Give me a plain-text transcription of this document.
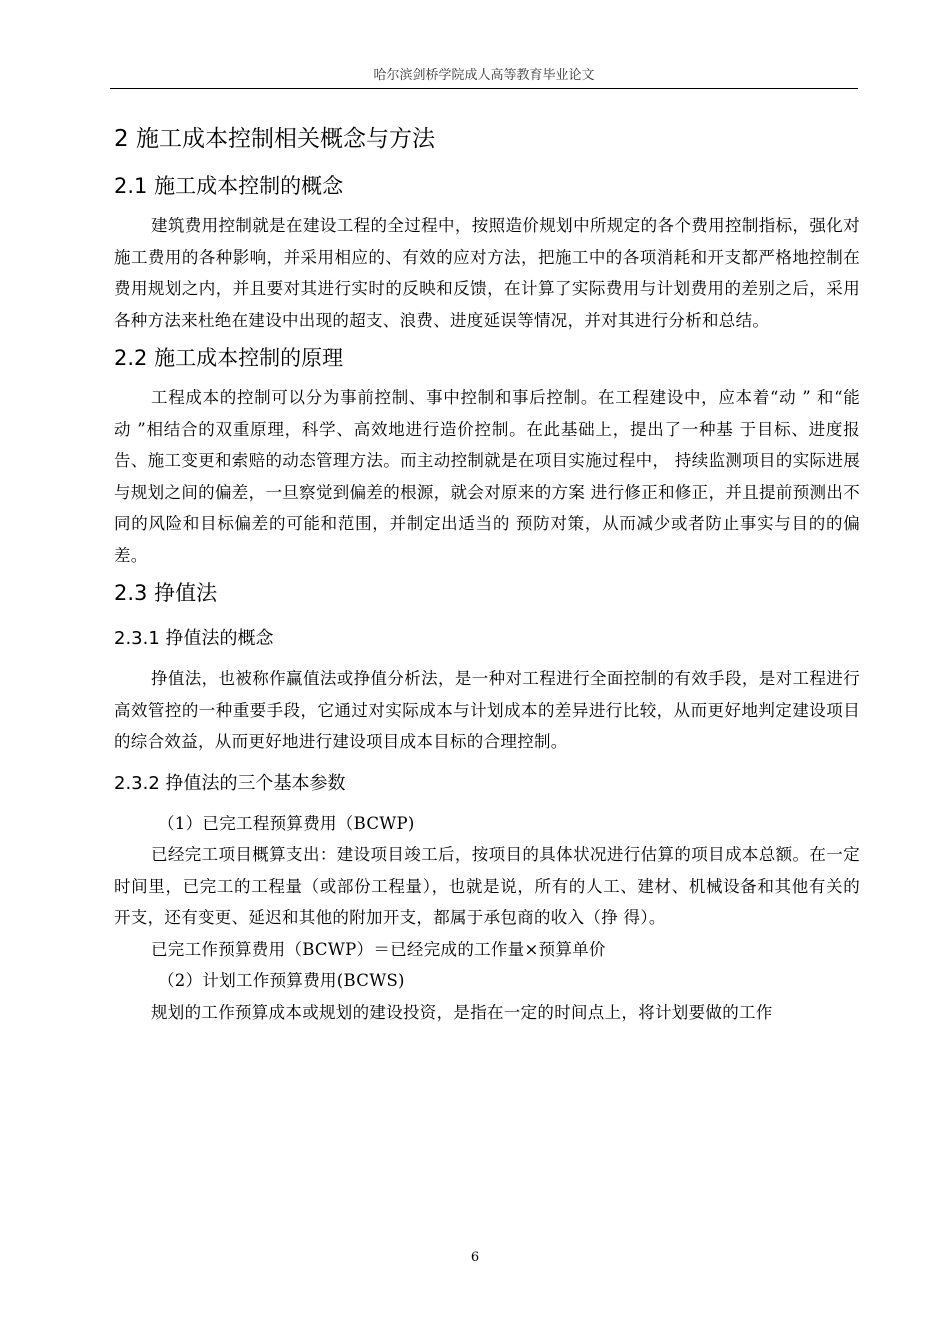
哈尔滨剑桥学院成人高等教育毕业论文
2 施工成本控制相关概念与方法
2.1 施工成本控制的概念

建筑费用控制就是在建设工程的全过程中，按照造价规划中所规定的各个费用控制指标，强化对施工费用的各种影响，并采用相应的、有效的应对方法，把施工中的各项消耗和开支都严格地控制在费用规划之内，并且要对其进行实时的反映和反馈，在计算了实际费用与计划费用的差别之后，采用各种方法来杜绝在建设中出现的超支、浪费、进度延误等情况，并对其进行分析和总结。

2.2 施工成本控制的原理

工程成本的控制可以分为事前控制、事中控制和事后控制。在工程建设中，应本着“动 ” 和“能动 ”相结合的双重原理，科学、高效地进行造价控制。在此基础上，提出了一种基 于目标、进度报告、施工变更和索赔的动态管理方法。而主动控制就是在项目实施过程中， 持续监测项目的实际进展与规划之间的偏差，一旦察觉到偏差的根源，就会对原来的方案 进行修正和修正，并且提前预测出不同的风险和目标偏差的可能和范围，并制定出适当的 预防对策，从而减少或者防止事实与目的的偏差。

2.3 挣值法
2.3.1 挣值法的概念

挣值法，也被称作赢值法或挣值分析法，是一种对工程进行全面控制的有效手段，是对工程进行高效管控的一种重要手段，它通过对实际成本与计划成本的差异进行比较，从而更好地判定建设项目的综合效益，从而更好地进行建设项目成本目标的合理控制。

2.3.2 挣值法的三个基本参数

（1）已完工程预算费用（BCWP)

已经完工项目概算支出：建设项目竣工后，按项目的具体状况进行估算的项目成本总额。在一定时间里，已完工的工程量（或部份工程量），也就是说，所有的人工、建材、机械设备和其他有关的开支，还有变更、延迟和其他的附加开支，都属于承包商的收入（挣 得）。

已完工作预算费用（BCWP）＝已经完成的工作量×预算单价

（2）计划工作预算费用(BCWS)

规划的工作预算成本或规划的建设投资，是指在一定的时间点上，将计划要做的工作

6
